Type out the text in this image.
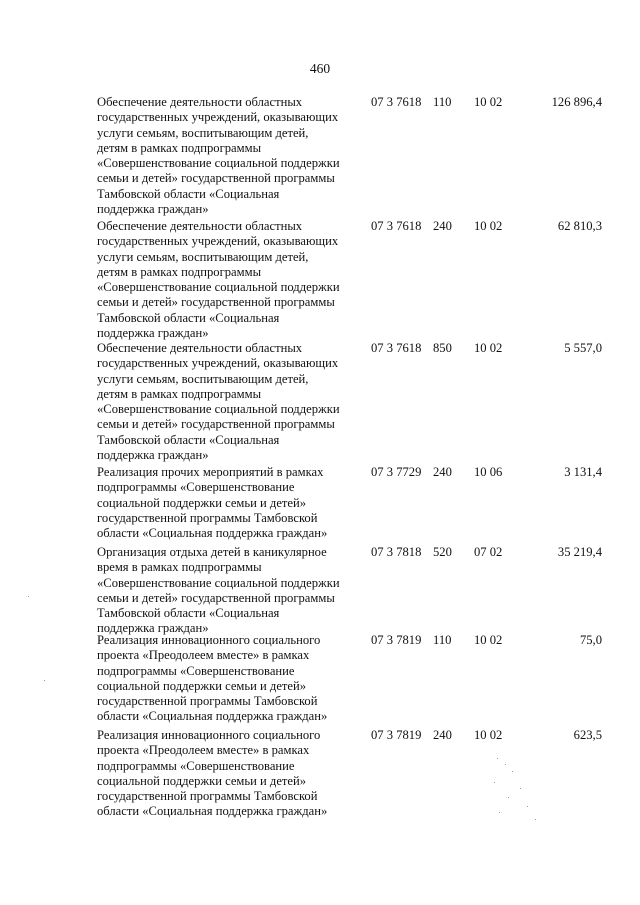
460
Обеспечение деятельности областных
государственных учреждений, оказывающих
услуги семьям, воспитывающим детей,
детям в рамках подпрограммы
«Совершенствование социальной поддержки
семьи и детей» государственной программы
Тамбовской области «Социальная
поддержка граждан»
07 3 7618 110 10 02	126 896,4
Обеспечение деятельности областных
государственных учреждений, оказывающих
услуги семьям, воспитывающим детей,
детям в рамках подпрограммы
«Совершенствование социальной поддержки
семьи и детей» государственной программы
Тамбовской области «Социальная
поддержка граждан»
07 3 7618 240 10 02	62 810,3
Обеспечение деятельности областных
государственных учреждений, оказывающих
услуги семьям, воспитывающим детей,
детям в рамках подпрограммы
«Совершенствование социальной поддержки
семьи и детей» государственной программы
Тамбовской области «Социальная
поддержка граждан»
07 3 7618 850 10 02	5 557,0
Реализация прочих мероприятий в рамках
подпрограммы «Совершенствование
социальной поддержки семьи и детей»
государственной программы Тамбовской
области «Социальная поддержка граждан»
07 3 7729 240 10 06	3 131,4
Организация отдыха детей в каникулярное
время в рамках подпрограммы
«Совершенствование социальной поддержки
семьи и детей» государственной программы
Тамбовской области «Социальная
поддержка граждан»
07 3 7818 520 07 02	35 219,4
Реализация инновационного социального
проекта «Преодолеем вместе» в рамках
подпрограммы «Совершенствование
социальной поддержки семьи и детей»
государственной программы Тамбовской
области «Социальная поддержка граждан»
07 3 7819 110 10 02	75,0
Реализация инновационного социального
проекта «Преодолеем вместе» в рамках
подпрограммы «Совершенствование
социальной поддержки семьи и детей»
государственной программы Тамбовской
области «Социальная поддержка граждан»
07 3 7819 240 10 02	623,5
